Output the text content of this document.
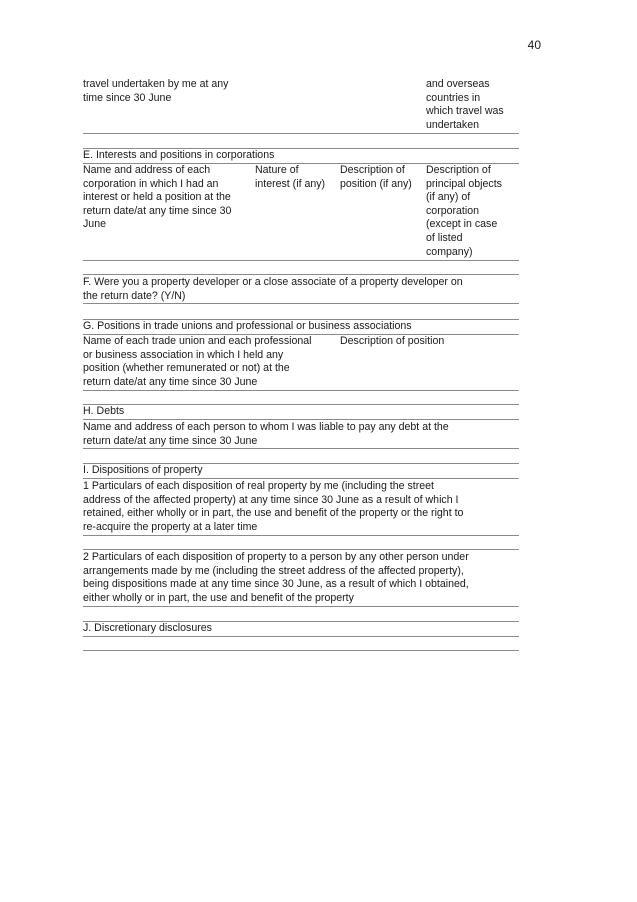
40
travel undertaken by me at any
time since 30 June
and overseas
countries in
which travel was
undertaken
E. Interests and positions in corporations
Name and address of each
corporation in which I had an
interest or held a position at the
return date/at any time since 30
June
Nature of
interest (if any)
Description of
position (if any)
Description of
principal objects
(if any) of
corporation
(except in case
of listed
company)
F. Were you a property developer or a close associate of a property developer on
the return date? (Y/N)
G. Positions in trade unions and professional or business associations
Name of each trade union and each professional
or business association in which I held any
position (whether remunerated or not) at the
return date/at any time since 30 June
Description of position
H. Debts
Name and address of each person to whom I was liable to pay any debt at the
return date/at any time since 30 June
I. Dispositions of property
1 Particulars of each disposition of real property by me (including the street
address of the affected property) at any time since 30 June as a result of which I
retained, either wholly or in part, the use and benefit of the property or the right to
re-acquire the property at a later time
2 Particulars of each disposition of property to a person by any other person under
arrangements made by me (including the street address of the affected property),
being dispositions made at any time since 30 June, as a result of which I obtained,
either wholly or in part, the use and benefit of the property
J. Discretionary disclosures
